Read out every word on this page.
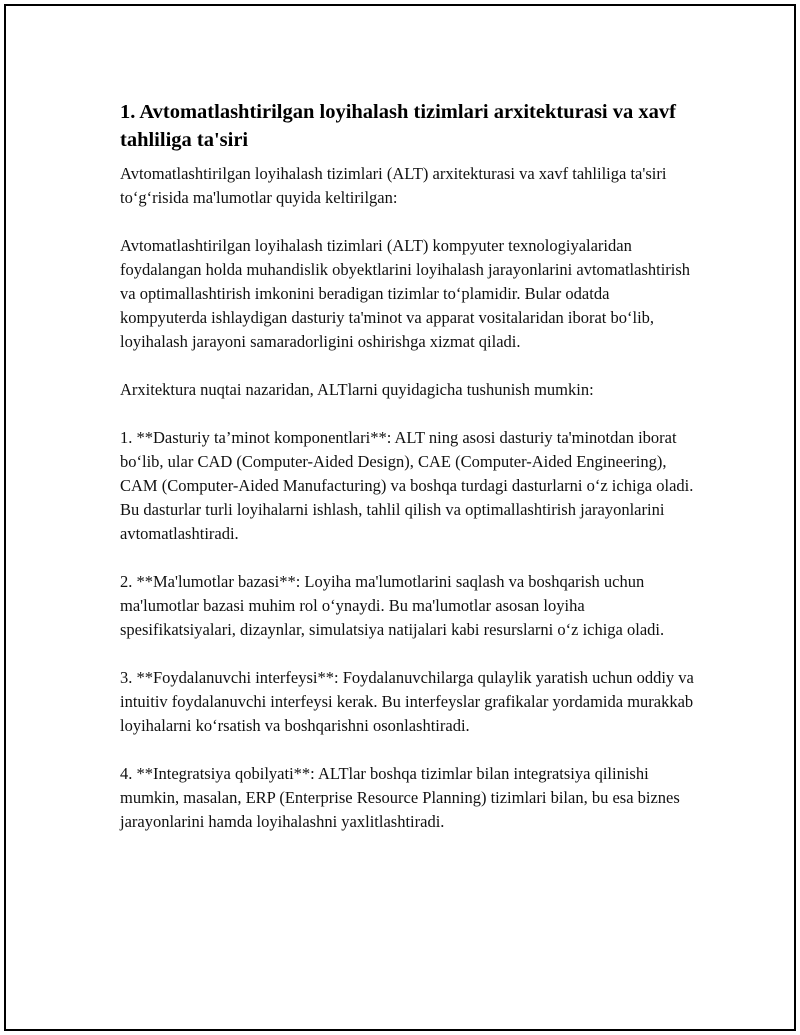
1. Avtomatlashtirilgan loyihalash tizimlari arxitekturasi va xavf tahliliga ta'siri

Avtomatlashtirilgan loyihalash tizimlari (ALT) arxitekturasi va xavf tahliliga ta'siri to‘g‘risida ma'lumotlar quyida keltirilgan:

Avtomatlashtirilgan loyihalash tizimlari (ALT) kompyuter texnologiyalaridan foydalangan holda muhandislik obyektlarini loyihalash jarayonlarini avtomatlashtirish va optimallashtirish imkonini beradigan tizimlar to‘plamidir. Bular odatda kompyuterda ishlaydigan dasturiy ta'minot va apparat vositalaridan iborat bo‘lib, loyihalash jarayoni samaradorligini oshirishga xizmat qiladi.

Arxitektura nuqtai nazaridan, ALTlarni quyidagicha tushunish mumkin:

1. **Dasturiy ta’minot komponentlari**: ALT ning asosi dasturiy ta'minotdan iborat bo‘lib, ular CAD (Computer-Aided Design), CAE (Computer-Aided Engineering), CAM (Computer-Aided Manufacturing) va boshqa turdagi dasturlarni o‘z ichiga oladi. Bu dasturlar turli loyihalarni ishlash, tahlil qilish va optimallashtirish jarayonlarini avtomatlashtiradi.

2. **Ma'lumotlar bazasi**: Loyiha ma'lumotlarini saqlash va boshqarish uchun ma'lumotlar bazasi muhim rol o‘ynaydi. Bu ma'lumotlar asosan loyiha spesifikatsiyalari, dizaynlar, simulatsiya natijalari kabi resurslarni o‘z ichiga oladi.

3. **Foydalanuvchi interfeysi**: Foydalanuvchilarga qulaylik yaratish uchun oddiy va intuitiv foydalanuvchi interfeysi kerak. Bu interfeyslar grafikalar yordamida murakkab loyihalarni ko‘rsatish va boshqarishni osonlashtiradi.

4. **Integratsiya qobilyati**: ALTlar boshqa tizimlar bilan integratsiya qilinishi mumkin, masalan, ERP (Enterprise Resource Planning) tizimlari bilan, bu esa biznes jarayonlarini hamda loyihalashni yaxlitlashtiradi.
